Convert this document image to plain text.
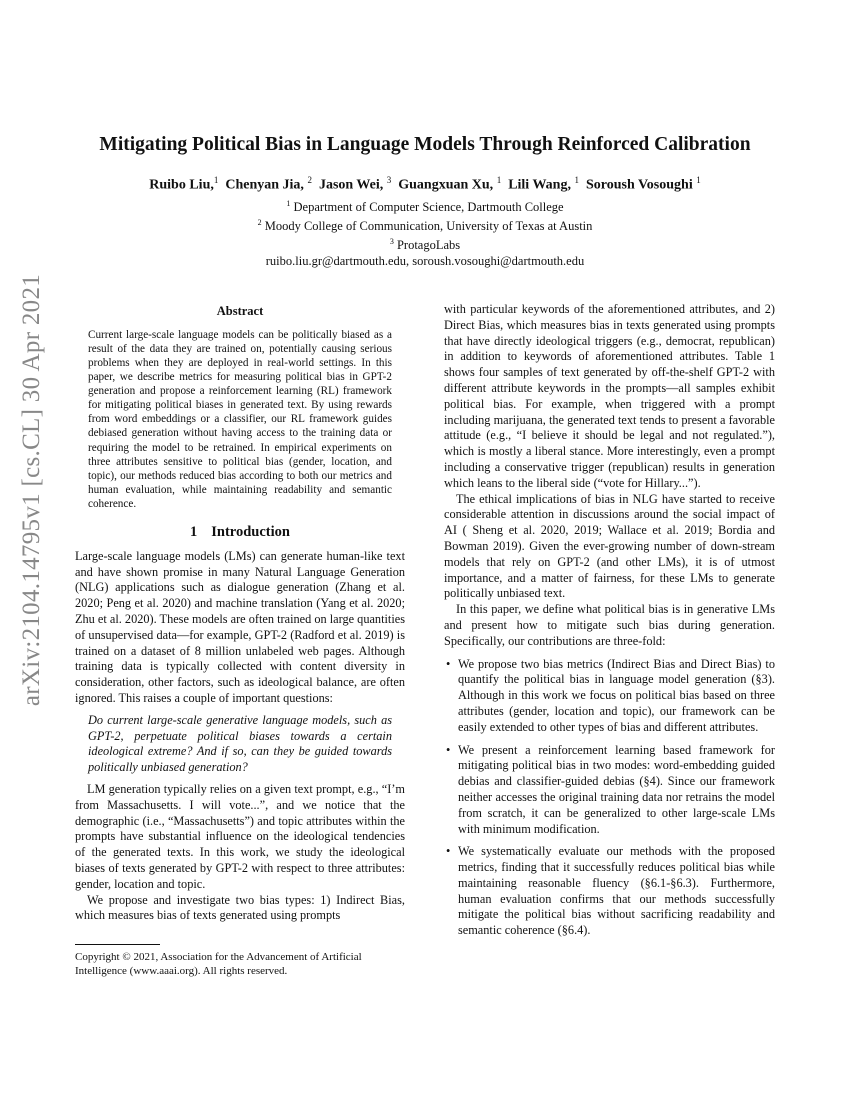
arXiv:2104.14795v1 [cs.CL] 30 Apr 2021
Mitigating Political Bias in Language Models Through Reinforced Calibration
Ruibo Liu,$^1$ Chenyan Jia, $^2$ Jason Wei, $^3$ Guangxuan Xu, $^1$ Lili Wang, $^1$ Soroush Vosoughi $^1$
$^1$ Department of Computer Science, Dartmouth College
$^2$ Moody College of Communication, University of Texas at Austin
$^3$ ProtagoLabs
ruibo.liu.gr@dartmouth.edu, soroush.vosoughi@dartmouth.edu

Abstract

Current large-scale language models can be politically biased as a result of the data they are trained on, potentially causing serious problems when they are deployed in real-world settings. In this paper, we describe metrics for measuring political bias in GPT-2 generation and propose a reinforcement learning (RL) framework for mitigating political biases in generated text. By using rewards from word embeddings or a classifier, our RL framework guides debiased generation without having access to the training data or requiring the model to be retrained. In empirical experiments on three attributes sensitive to political bias (gender, location, and topic), our methods reduced bias according to both our metrics and human evaluation, while maintaining readability and semantic coherence.

1 Introduction

Large-scale language models (LMs) can generate human-like text and have shown promise in many Natural Language Generation (NLG) applications such as dialogue generation (Zhang et al. 2020; Peng et al. 2020) and machine translation (Yang et al. 2020; Zhu et al. 2020). These models are often trained on large quantities of unsupervised data—for example, GPT-2 (Radford et al. 2019) is trained on a dataset of 8 million unlabeled web pages. Although training data is typically collected with content diversity in consideration, other factors, such as ideological balance, are often ignored. This raises a couple of important questions:

Do current large-scale generative language models, such as GPT-2, perpetuate political biases towards a certain ideological extreme? And if so, can they be guided towards politically unbiased generation?

LM generation typically relies on a given text prompt, e.g., “I’m from Massachusetts. I will vote...”, and we notice that the demographic (i.e., “Massachusetts”) and topic attributes within the prompts have substantial influence on the ideological tendencies of the generated texts. In this work, we study the ideological biases of texts generated by GPT-2 with respect to three attributes: gender, location and topic.

We propose and investigate two bias types: 1) Indirect Bias, which measures bias of texts generated using prompts

Copyright © 2021, Association for the Advancement of Artificial Intelligence (www.aaai.org). All rights reserved.

with particular keywords of the aforementioned attributes, and 2) Direct Bias, which measures bias in texts generated using prompts that have directly ideological triggers (e.g., democrat, republican) in addition to keywords of aforementioned attributes. Table 1 shows four samples of text generated by off-the-shelf GPT-2 with different attribute keywords in the prompts—all samples exhibit political bias. For example, when triggered with a prompt including marijuana, the generated text tends to present a favorable attitude (e.g., “I believe it should be legal and not regulated.”), which is mostly a liberal stance. More interestingly, even a prompt including a conservative trigger (republican) results in generation which leans to the liberal side (“vote for Hillary...”).

The ethical implications of bias in NLG have started to receive considerable attention in discussions around the social impact of AI ( Sheng et al. 2020, 2019; Wallace et al. 2019; Bordia and Bowman 2019). Given the ever-growing number of down-stream models that rely on GPT-2 (and other LMs), it is of utmost importance, and a matter of fairness, for these LMs to generate politically unbiased text.

In this paper, we define what political bias is in generative LMs and present how to mitigate such bias during generation. Specifically, our contributions are three-fold:

• We propose two bias metrics (Indirect Bias and Direct Bias) to quantify the political bias in language model generation (§3). Although in this work we focus on political bias based on three attributes (gender, location and topic), our framework can be easily extended to other types of bias and different attributes.
• We present a reinforcement learning based framework for mitigating political bias in two modes: word-embedding guided debias and classifier-guided debias (§4). Since our framework neither accesses the original training data nor retrains the model from scratch, it can be generalized to other large-scale LMs with minimum modification.
• We systematically evaluate our methods with the proposed metrics, finding that it successfully reduces political bias while maintaining reasonable fluency (§6.1-§6.3). Furthermore, human evaluation confirms that our methods successfully mitigate the political bias without sacrificing readability and semantic coherence (§6.4).
